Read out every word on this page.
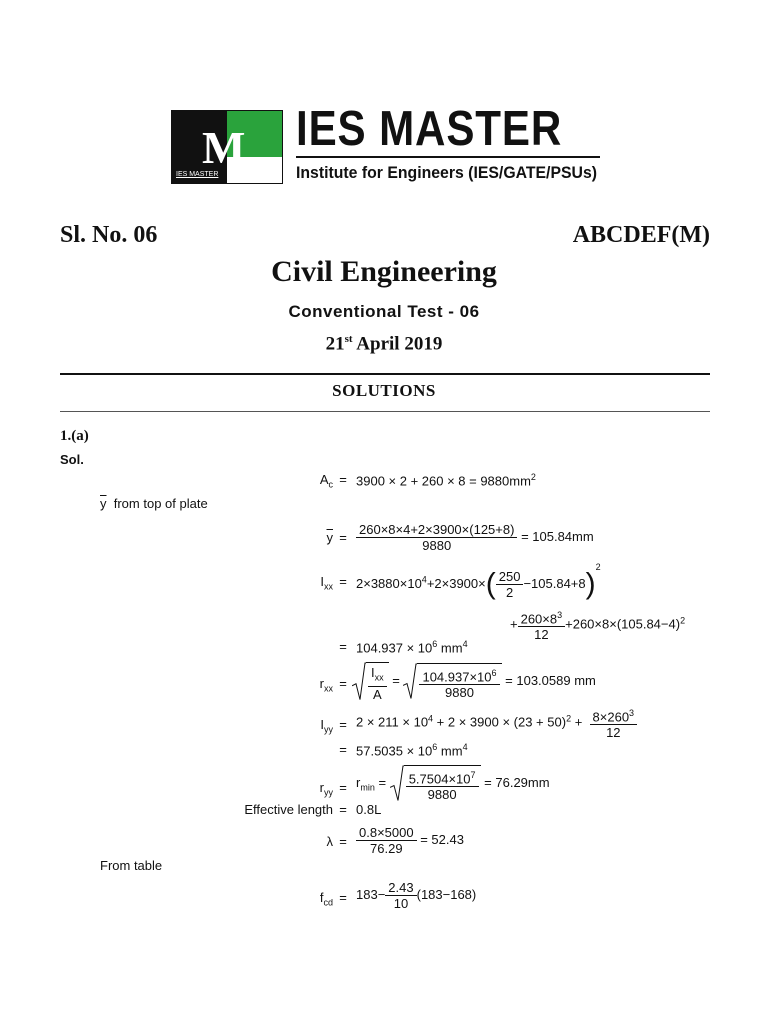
M
IES MASTER
IES MASTER
Institute for Engineers (IES/GATE/PSUs)
Sl. No. 06	ABCDEF(M)
Civil Engineering
Conventional Test - 06
21st April 2019
SOLUTIONS
1.(a)
Sol.
$A_c = 3900 \times 2 + 260 \times 8 = 9880mm^2$
$\overline{y}$ from top of plate
$\overline{y} = \frac{260\times 8\times 4+2\times 3900\times(125+8)}{9880} = 105.84mm$
$I_{xx} = 2\times 3880\times 10^4+2\times 3900\times( \frac{250}{2} -105.84+8)^2$
+ $\frac{260\times 8^3}{12} +260\times 8\times(105.84-4)^2$
= $104.937 \times 10^6$ $mm^4$
$r_{xx} = \frac{I_{xx}}{A} = \frac{104.937\times 10^6}{9880} = 103.0589$ mm
$I_{yy} = 2 \times 211 \times 10^4 + 2 \times 3900 \times (23 + 50)^2 + \frac{8\times 260^3}{12}$
= $57.5035 \times 10^6$ $mm^4$
$r_{yy} = r_{min} = \frac{5.7504\times 10^7}{9880} = 76.29mm$
Effective length = 0.8L
$\lambda = \frac{0.8\times 5000}{76.29} = 52.43$
From table
$f_{cd} = 183- \frac{2.43}{10} (183-168)$
